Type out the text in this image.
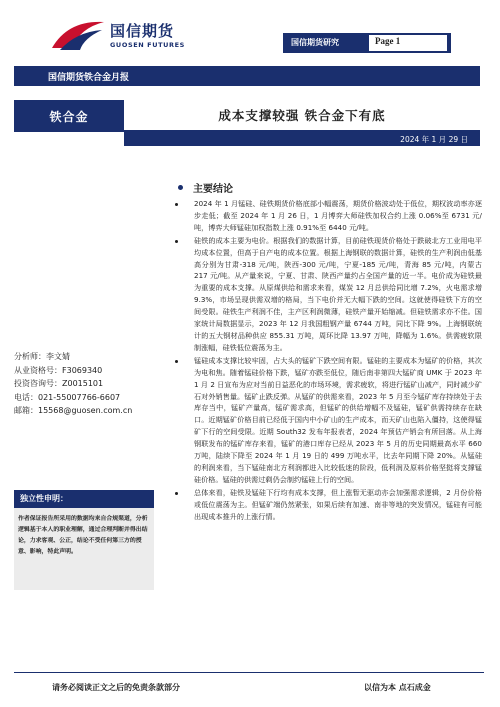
国信期货
GUOSEN FUTURES	国信期货研究	Page 1
国信期货铁合金月报
铁合金	成本支撑较强 铁合金下有底
2024 年 1 月 29 日
主要结论

2024 年 1 月锰硅、硅铁期货价格底部小幅震荡，期货价格波动处于低位，期权波动率亦逐步走低；截至 2024 年 1 月 26 日，1 月博弈大师硅铁加权合约上涨 0.06%至 6731 元/吨，博弈大师锰硅加权指数上涨 0.91%至 6440 元/吨。

硅铁的成本主要为电价。根据我们的数据计算，目前硅铁现货价格处于跌破北方工业用电平均成本位置，但高于自产电的成本位置。根据上海钢联的数据计算，硅铁的生产利润由低基高分别为甘肃-318 元/吨，陕西-300 元/吨，宁夏-185 元/吨，青海 85 元/吨，内蒙古 217 元/吨。从产量来说，宁夏、甘肃、陕西产量约占全国产量的近一半。电价成为硅铁最为重要的成本支撑。从原煤供给和需求来看，煤炭 12 月总供给同比增 7.2%，火电需求增 9.3%，市场呈现供需双增的格局，当下电价并无大幅下跌的空间。这就使得硅铁下方的空间受限。硅铁生产利润不佳，主产区利润微薄，硅铁产量开始缩减。但硅铁需求亦不佳。国家统计局数据显示，2023 年 12 月我国粗钢产量 6744 万吨，同比下降 9%。上海钢联统计的五大钢材品种供应 855.31 万吨，周环比降 13.97 万吨，降幅为 1.6%。供需疲软限制涨幅，硅铁低位震荡为主。

锰硅成本支撑比较牢固，占大头的锰矿下跌空间有限。锰硅的主要成本为锰矿的价格，其次为电和焦。随着锰硅价格下跌，锰矿亦跌至低位，随后南非第四大锰矿商 UMK 于 2023 年 1 月 2 日宣布为应对当前日益恶化的市场环境，需求疲软，将进行锰矿山减产，同时减少矿石对外销售量。锰矿止跌反弹。从锰矿的供需来看，2023 年 5 月至今锰矿库存持续处于去库存当中，锰矿产量高，锰矿需求高，但锰矿的供给增幅不及锰硅，锰矿供需持续存在缺口。近期锰矿价格目前已经低于国内中小矿山的生产成本，而天矿山也陷入僵持，这使得锰矿下行的空间受限。近期 South32 发布年报表者，2024 年预估产销会有所回落。从上海钢联发布的锰矿库存来看，锰矿的港口库存已经从 2023 年 5 月的历史同期最高水平 660 万吨，陆续下降至 2024 年 1 月 19 日的 499 万吨水平，比去年同期下降 20%。从锰硅的利润来看，当下锰硅南北方利润都进入比较低迷的阶段，低利润及原料价格坚挺将支撑锰硅价格。锰硅的供需过剩仍会制约锰硅上行的空间。

总体来看，硅铁及锰硅下行均有成本支撑，但上涨暂无驱动亦会加强需求逻辑，2 月份价格或低位震荡为主。但锰矿端仍然紧张，如果后续有加速、南非等地的突发情况，锰硅有可能出现成本推升的上涨行情。

分析师：李文婧
从业资格号：F3069340
投资咨询号：Z0015101
电话：021-55007766-6607
邮箱：15568@guosen.com.cn
独立性申明：
作者保证报告所采用的数据均来自合规渠道，分析逻辑基于本人的职业理解，通过合理判断并得出结论，力求客观、公正，结论不受任何第三方的授意、影响，特此声明。
请务必阅读正文之后的免责条款部分	以信为本 点石成金
